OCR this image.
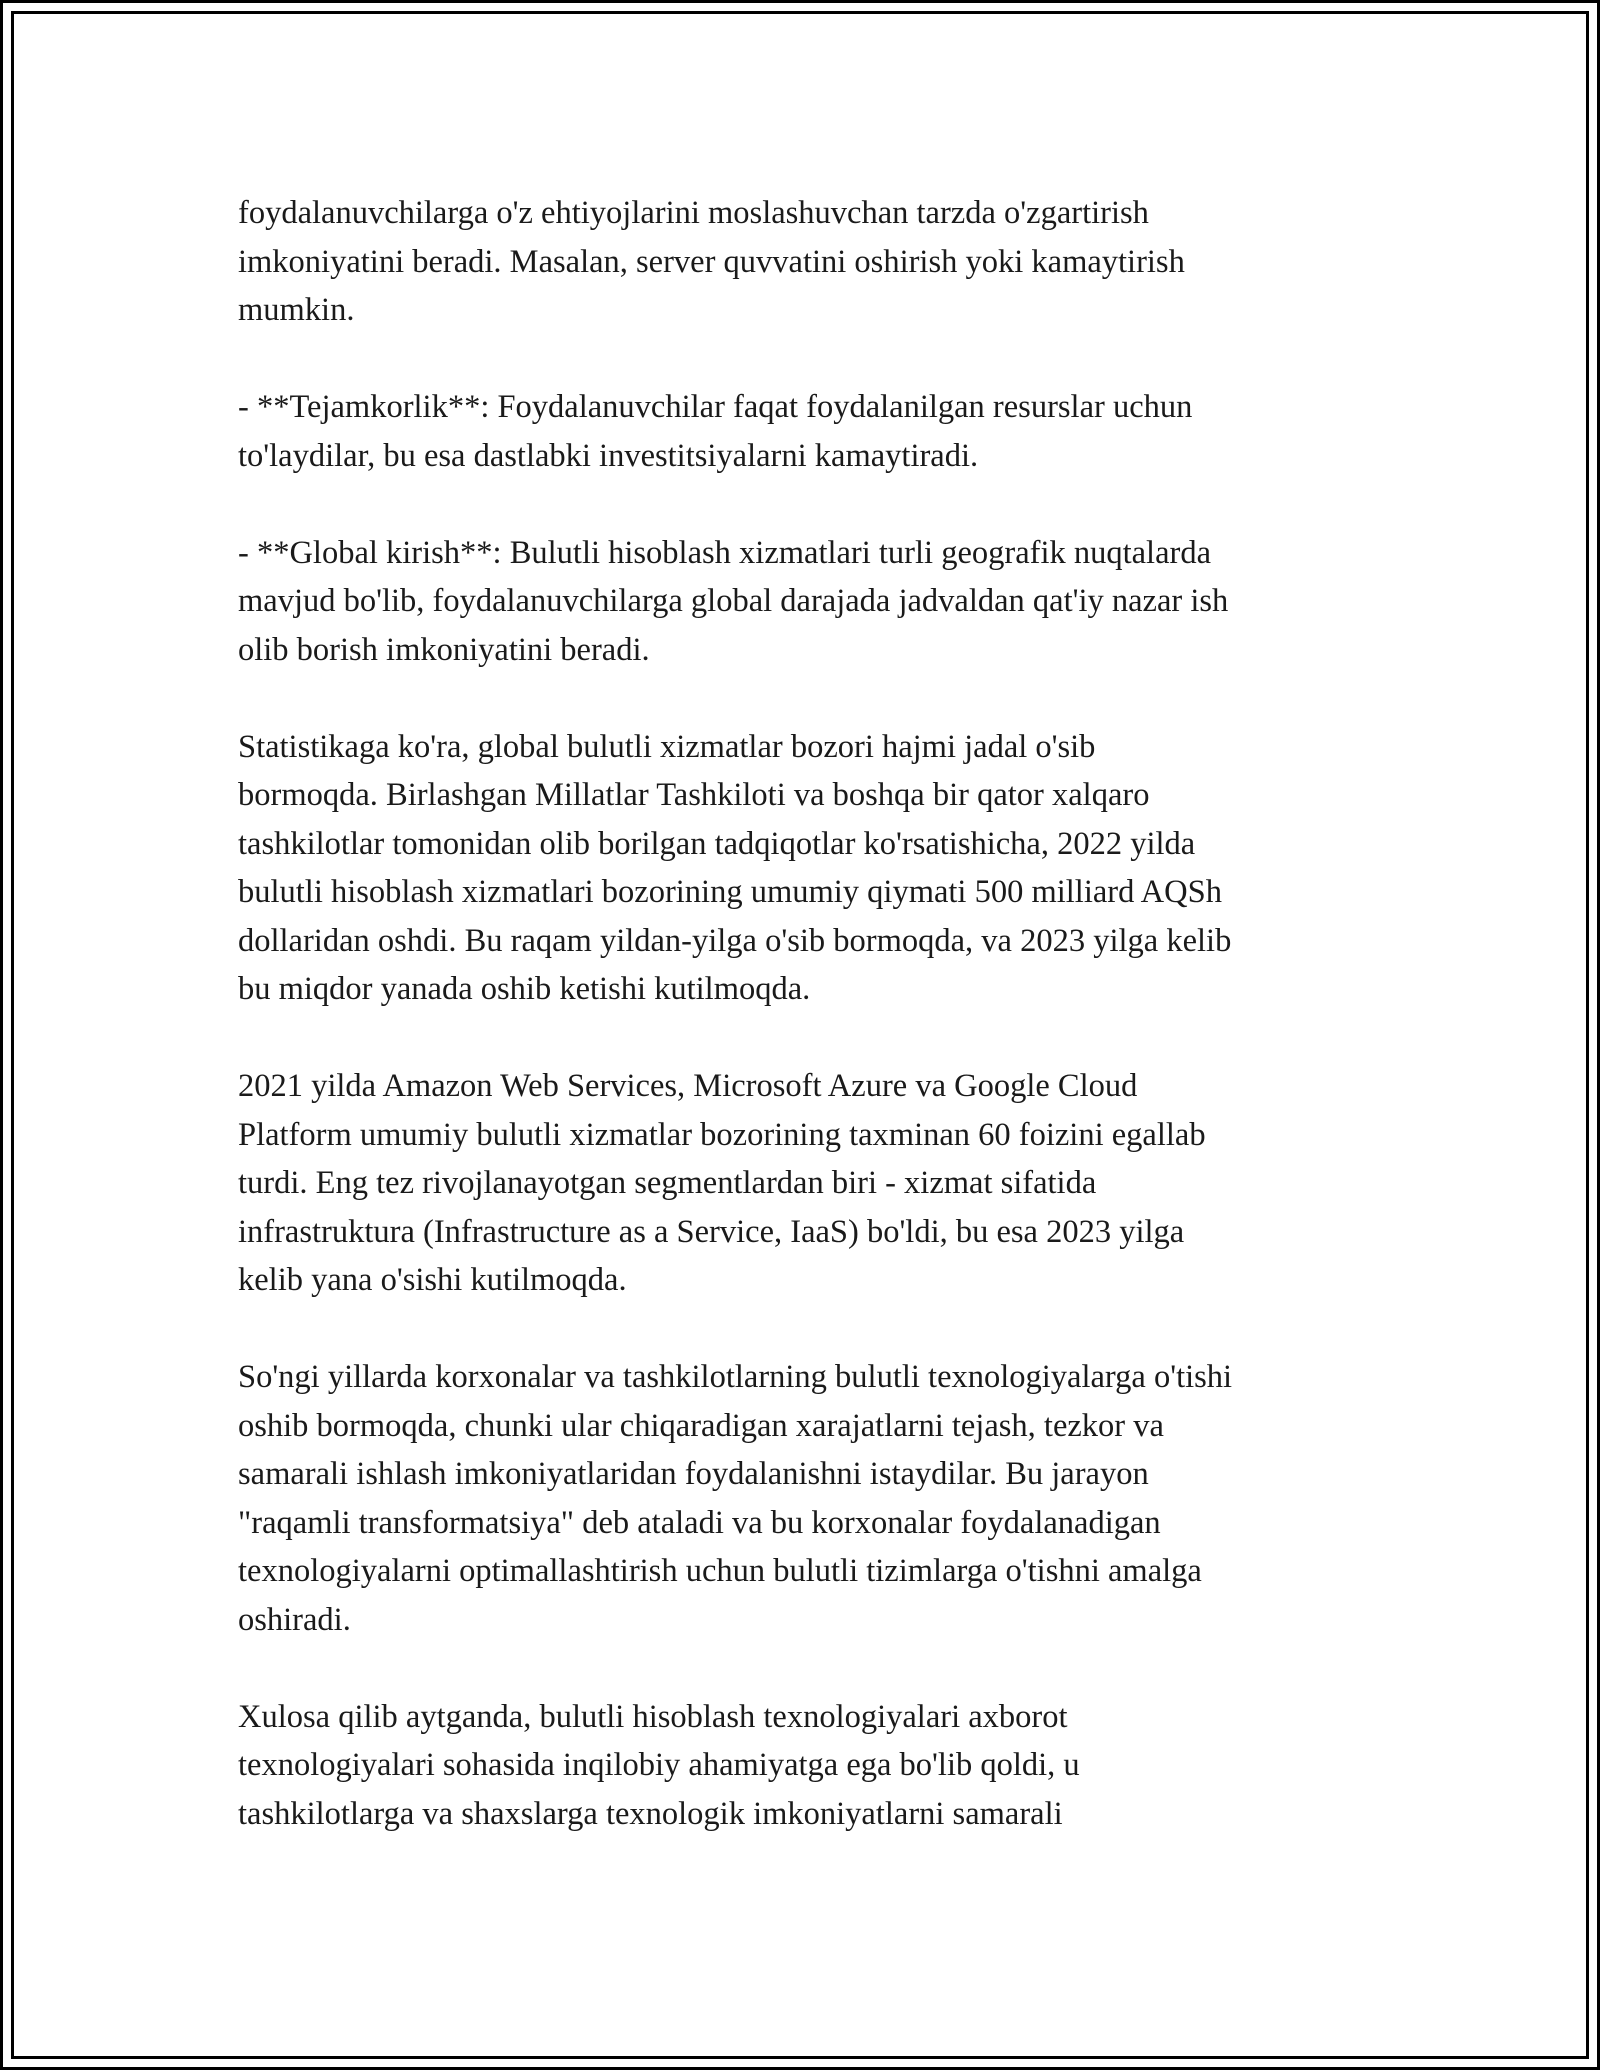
foydalanuvchilarga o'z ehtiyojlarini moslashuvchan tarzda o'zgartirish
imkoniyatini beradi. Masalan, server quvvatini oshirish yoki kamaytirish
mumkin.

- **Tejamkorlik**: Foydalanuvchilar faqat foydalanilgan resurslar uchun
to'laydilar, bu esa dastlabki investitsiyalarni kamaytiradi.

- **Global kirish**: Bulutli hisoblash xizmatlari turli geografik nuqtalarda
mavjud bo'lib, foydalanuvchilarga global darajada jadvaldan qat'iy nazar ish
olib borish imkoniyatini beradi.

Statistikaga ko'ra, global bulutli xizmatlar bozori hajmi jadal o'sib
bormoqda. Birlashgan Millatlar Tashkiloti va boshqa bir qator xalqaro
tashkilotlar tomonidan olib borilgan tadqiqotlar ko'rsatishicha, 2022 yilda
bulutli hisoblash xizmatlari bozorining umumiy qiymati 500 milliard AQSh
dollaridan oshdi. Bu raqam yildan-yilga o'sib bormoqda, va 2023 yilga kelib
bu miqdor yanada oshib ketishi kutilmoqda.

2021 yilda Amazon Web Services, Microsoft Azure va Google Cloud
Platform umumiy bulutli xizmatlar bozorining taxminan 60 foizini egallab
turdi. Eng tez rivojlanayotgan segmentlardan biri - xizmat sifatida
infrastruktura (Infrastructure as a Service, IaaS) bo'ldi, bu esa 2023 yilga
kelib yana o'sishi kutilmoqda.

So'ngi yillarda korxonalar va tashkilotlarning bulutli texnologiyalarga o'tishi
oshib bormoqda, chunki ular chiqaradigan xarajatlarni tejash, tezkor va
samarali ishlash imkoniyatlaridan foydalanishni istaydilar. Bu jarayon
"raqamli transformatsiya" deb ataladi va bu korxonalar foydalanadigan
texnologiyalarni optimallashtirish uchun bulutli tizimlarga o'tishni amalga
oshiradi.

Xulosa qilib aytganda, bulutli hisoblash texnologiyalari axborot
texnologiyalari sohasida inqilobiy ahamiyatga ega bo'lib qoldi, u
tashkilotlarga va shaxslarga texnologik imkoniyatlarni samarali
